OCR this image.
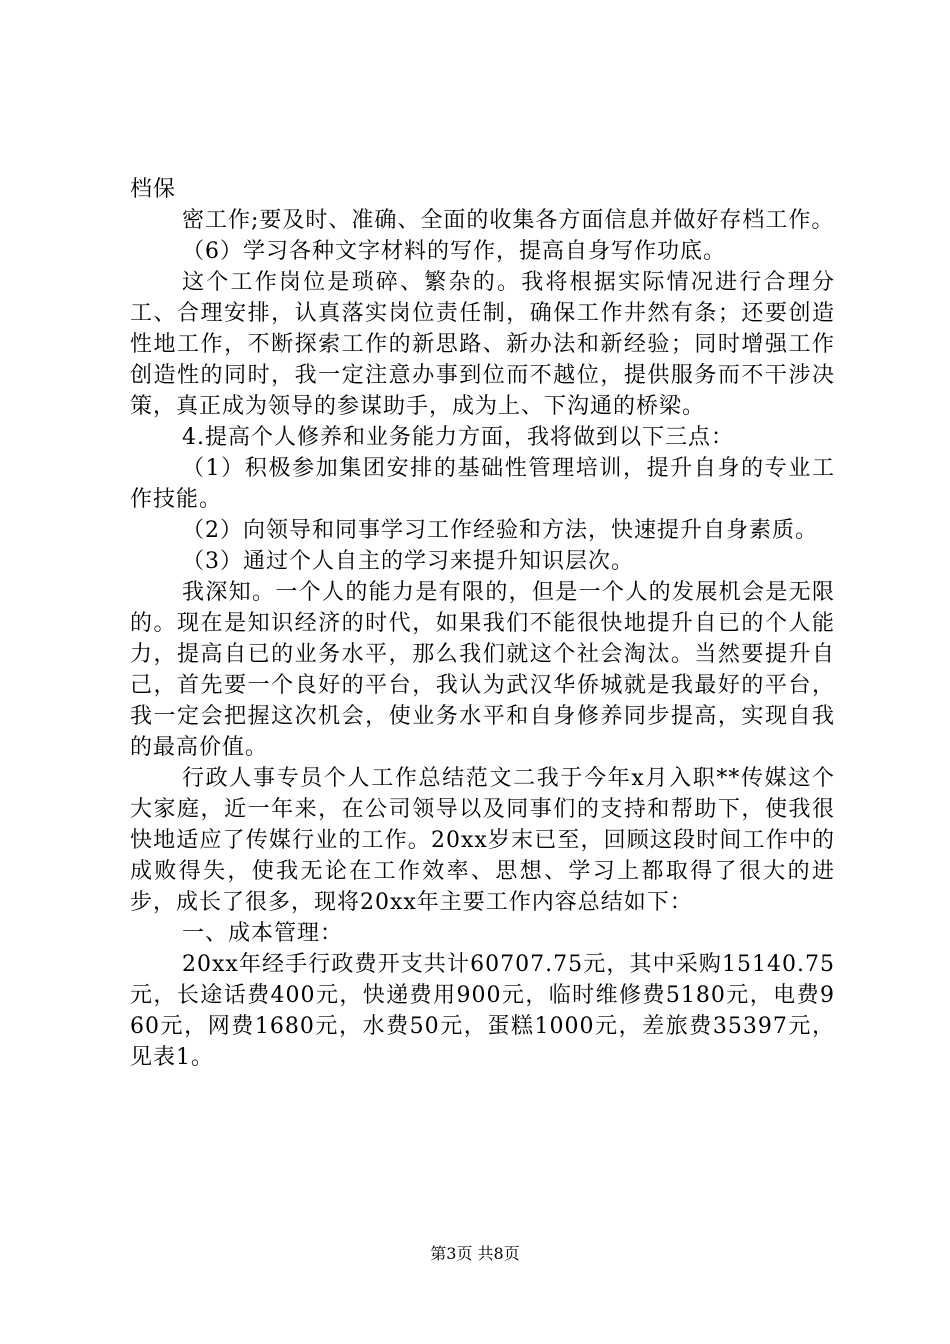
档保

密工作;要及时、准确、全面的收集各方面信息并做好存档工作。

（6）学习各种文字材料的写作，提高自身写作功底。

这个工作岗位是琐碎、繁杂的。我将根据实际情况进行合理分工、合理安排，认真落实岗位责任制，确保工作井然有条；还要创造性地工作，不断探索工作的新思路、新办法和新经验；同时增强工作创造性的同时，我一定注意办事到位而不越位，提供服务而不干涉决策，真正成为领导的参谋助手，成为上、下沟通的桥梁。

4.提高个人修养和业务能力方面，我将做到以下三点：

（1）积极参加集团安排的基础性管理培训，提升自身的专业工作技能。

（2）向领导和同事学习工作经验和方法，快速提升自身素质。

（3）通过个人自主的学习来提升知识层次。

我深知。一个人的能力是有限的，但是一个人的发展机会是无限的。现在是知识经济的时代，如果我们不能很快地提升自已的个人能力，提高自已的业务水平，那么我们就这个社会淘汰。当然要提升自己，首先要一个良好的平台，我认为武汉华侨城就是我最好的平台，我一定会把握这次机会，使业务水平和自身修养同步提高，实现自我的最高价值。

行政人事专员个人工作总结范文二我于今年x月入职**传媒这个大家庭，近一年来，在公司领导以及同事们的支持和帮助下，使我很快地适应了传媒行业的工作。20xx岁末已至，回顾这段时间工作中的成败得失，使我无论在工作效率、思想、学习上都取得了很大的进步，成长了很多，现将20xx年主要工作内容总结如下：

一、成本管理：

20xx年经手行政费开支共计60707.75元，其中采购15140.75元，长途话费400元，快递费用900元，临时维修费5180元，电费960元，网费1680元，水费50元，蛋糕1000元，差旅费35397元，见表1。

第3页 共8页
